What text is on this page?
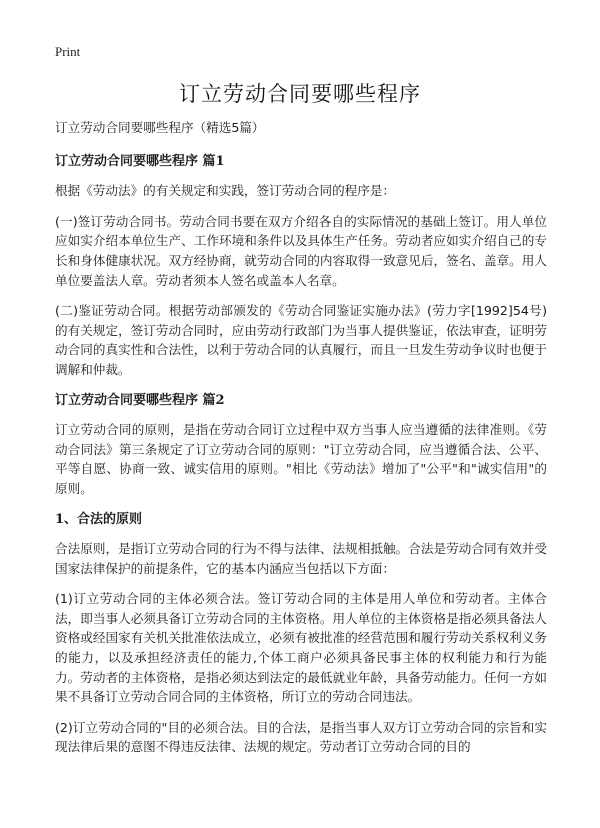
Print
订立劳动合同要哪些程序

订立劳动合同要哪些程序（精选5篇）

订立劳动合同要哪些程序 篇1

根据《劳动法》的有关规定和实践，签订劳动合同的程序是：

(一)签订劳动合同书。劳动合同书要在双方介绍各自的实际情况的基础上签订。用人单位应如实介绍本单位生产、工作环境和条件以及具体生产任务。劳动者应如实介绍自己的专长和身体健康状况。双方经协商，就劳动合同的内容取得一致意见后，签名、盖章。用人单位要盖法人章。劳动者须本人签名或盖本人名章。

(二)鉴证劳动合同。根据劳动部颁发的《劳动合同鉴证实施办法》(劳力字[1992]54号)的有关规定，签订劳动合同时，应由劳动行政部门为当事人提供鉴证，依法审查，证明劳动合同的真实性和合法性，以利于劳动合同的认真履行，而且一旦发生劳动争议时也便于调解和仲裁。

订立劳动合同要哪些程序 篇2

订立劳动合同的原则，是指在劳动合同订立过程中双方当事人应当遵循的法律准则。《劳动合同法》第三条规定了订立劳动合同的原则："订立劳动合同，应当遵循合法、公平、平等自愿、协商一致、诚实信用的原则。"相比《劳动法》增加了"公平"和"诚实信用"的原则。

1、合法的原则

合法原则，是指订立劳动合同的行为不得与法律、法规相抵触。合法是劳动合同有效并受国家法律保护的前提条件，它的基本内涵应当包括以下方面：

(1)订立劳动合同的主体必须合法。签订劳动合同的主体是用人单位和劳动者。主体合法，即当事人必须具备订立劳动合同的主体资格。用人单位的主体资格是指必须具备法人资格或经国家有关机关批准依法成立，必须有被批准的经营范围和履行劳动关系权利义务的能力，以及承担经济责任的能力,个体工商户必须具备民事主体的权利能力和行为能力。劳动者的主体资格，是指必须达到法定的最低就业年龄，具备劳动能力。任何一方如果不具备订立劳动合同合同的主体资格，所订立的劳动合同违法。

(2)订立劳动合同的"目的必须合法。目的合法，是指当事人双方订立劳动合同的宗旨和实现法律后果的意图不得违反法律、法规的规定。劳动者订立劳动合同的目的
